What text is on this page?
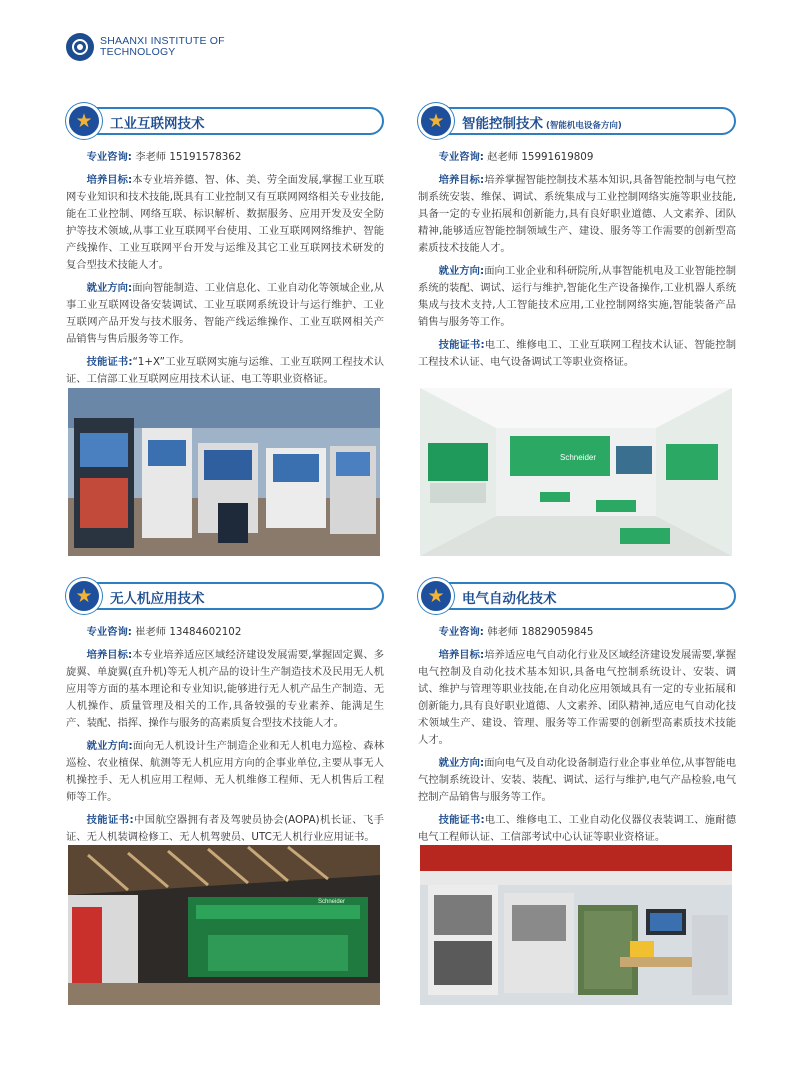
SHAANXI INSTITUTE OF
TECHNOLOGY
★	工业互联网技术

专业咨询: 李老师 15191578362

培养目标:本专业培养德、智、体、美、劳全面发展,掌握工业互联网专业知识和技术技能,既具有工业控制又有互联网网络相关专业技能,能在工业控制、网络互联、标识解析、数据服务、应用开发及安全防护等技术领域,从事工业互联网平台使用、工业互联网网络维护、智能产线操作、工业互联网平台开发与运维及其它工业互联网技术研发的复合型技术技能人才。

就业方向:面向智能制造、工业信息化、工业自动化等领域企业,从事工业互联网设备安装调试、工业互联网系统设计与运行维护、工业互联网产品开发与技术服务、智能产线运维操作、工业互联网相关产品销售与售后服务等工作。

技能证书:“1+X”工业互联网实施与运维、工业互联网工程技术认证、工信部工业互联网应用技术认证、电工等职业资格证。

★	智能控制技术 (智能机电设备方向)

专业咨询: 赵老师 15991619809

培养目标:培养掌握智能控制技术基本知识,具备智能控制与电气控制系统安装、维保、调试、系统集成与工业控制网络实施等职业技能,具备一定的专业拓展和创新能力,具有良好职业道德、人文素养、团队精神,能够适应智能控制领域生产、建设、服务等工作需要的创新型高素质技术技能人才。

就业方向:面向工业企业和科研院所,从事智能机电及工业智能控制系统的装配、调试、运行与维护,智能化生产设备操作,工业机器人系统集成与技术支持,人工智能技术应用,工业控制网络实施,智能装备产品销售与服务等工作。

技能证书:电工、维修电工、工业互联网工程技术认证、智能控制工程技术认证、电气设备调试工等职业资格证。

★	无人机应用技术

专业咨询: 崔老师 13484602102

培养目标:本专业培养适应区域经济建设发展需要,掌握固定翼、多旋翼、单旋翼(直升机)等无人机产品的设计生产制造技术及民用无人机应用等方面的基本理论和专业知识,能够进行无人机产品生产制造、无人机操作、质量管理及相关的工作,具备较强的专业素养、能满足生产、装配、指挥、操作与服务的高素质复合型技术技能人才。

就业方向:面向无人机设计生产制造企业和无人机电力巡检、森林巡检、农业植保、航测等无人机应用方向的企事业单位,主要从事无人机操控手、无人机应用工程师、无人机维修工程师、无人机售后工程师等工作。

技能证书:中国航空器拥有者及驾驶员协会(AOPA)机长证、飞手证、无人机装调检修工、无人机驾驶员、UTC无人机行业应用证书。

★	电气自动化技术

专业咨询: 韩老师 18829059845

培养目标:培养适应电气自动化行业及区域经济建设发展需要,掌握电气控制及自动化技术基本知识,具备电气控制系统设计、安装、调试、维护与管理等职业技能,在自动化应用领域具有一定的专业拓展和创新能力,具有良好职业道德、人文素养、团队精神,适应电气自动化技术领域生产、建设、管理、服务等工作需要的创新型高素质技术技能人才。

就业方向:面向电气及自动化设备制造行业企事业单位,从事智能电气控制系统设计、安装、装配、调试、运行与维护,电气产品检验,电气控制产品销售与服务等工作。

技能证书:电工、维修电工、工业自动化仪器仪表装调工、施耐德电气工程师认证、工信部考试中心认证等职业资格证。

Schneider
Schneider
